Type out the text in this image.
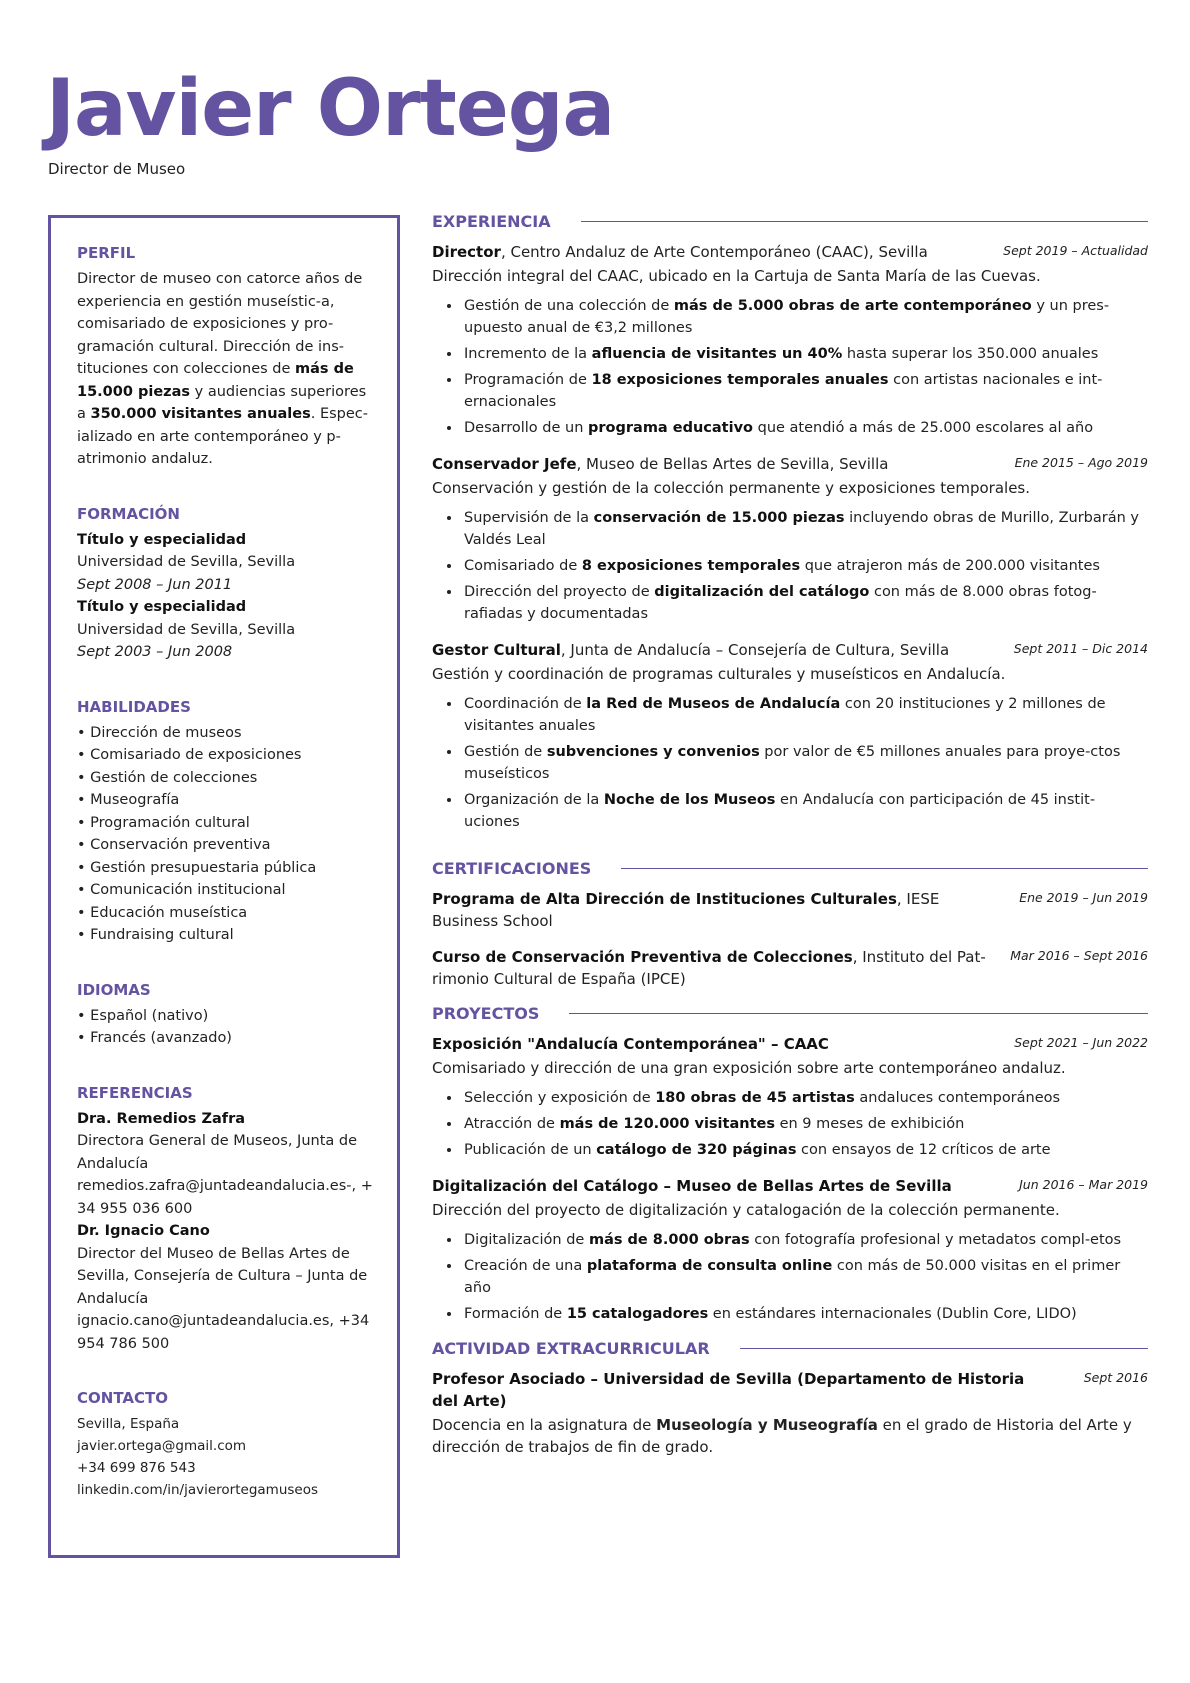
Javier Ortega
Director de Museo
PERFIL
Director de museo con catorce años de experiencia en gestión museístic-a, comisariado de exposiciones y pro-gramación cultural. Dirección de ins-tituciones con colecciones de más de 15.000 piezas y audiencias superiores a 350.000 visitantes anuales. Espec-ializado en arte contemporáneo y p-atrimonio andaluz.
FORMACIÓN
Título y especialidad
Universidad de Sevilla, Sevilla
Sept 2008 – Jun 2011
Título y especialidad
Universidad de Sevilla, Sevilla
Sept 2003 – Jun 2008
HABILIDADES
• Dirección de museos
• Comisariado de exposiciones
• Gestión de colecciones
• Museografía
• Programación cultural
• Conservación preventiva
• Gestión presupuestaria pública
• Comunicación institucional
• Educación museística
• Fundraising cultural
IDIOMAS
• Español (nativo)
• Francés (avanzado)
REFERENCIAS
Dra. Remedios Zafra
Directora General de Museos, Junta de Andalucía
remedios.zafra@juntadeandalucia.es-, +34 955 036 600
Dr. Ignacio Cano
Director del Museo de Bellas Artes de Sevilla, Consejería de Cultura – Junta de Andalucía
ignacio.cano@juntadeandalucia.es, +34 954 786 500
CONTACTO
Sevilla, España
javier.ortega@gmail.com
+34 699 876 543
linkedin.com/in/javierortegamuseos
EXPERIENCIA
Director, Centro Andaluz de Arte Contemporáneo (CAAC), Sevilla	Sept 2019 – Actualidad
Dirección integral del CAAC, ubicado en la Cartuja de Santa María de las Cuevas.
• Gestión de una colección de más de 5.000 obras de arte contemporáneo y un pres-upuesto anual de €3,2 millones
• Incremento de la afluencia de visitantes un 40% hasta superar los 350.000 anuales
• Programación de 18 exposiciones temporales anuales con artistas nacionales e int-ernacionales
• Desarrollo de un programa educativo que atendió a más de 25.000 escolares al año
Conservador Jefe, Museo de Bellas Artes de Sevilla, Sevilla	Ene 2015 – Ago 2019
Conservación y gestión de la colección permanente y exposiciones temporales.
• Supervisión de la conservación de 15.000 piezas incluyendo obras de Murillo, Zurbarán y Valdés Leal
• Comisariado de 8 exposiciones temporales que atrajeron más de 200.000 visitantes
• Dirección del proyecto de digitalización del catálogo con más de 8.000 obras fotog-rafiadas y documentadas
Gestor Cultural, Junta de Andalucía – Consejería de Cultura, Sevilla	Sept 2011 – Dic 2014
Gestión y coordinación de programas culturales y museísticos en Andalucía.
• Coordinación de la Red de Museos de Andalucía con 20 instituciones y 2 millones de visitantes anuales
• Gestión de subvenciones y convenios por valor de €5 millones anuales para proye-ctos museísticos
• Organización de la Noche de los Museos en Andalucía con participación de 45 instit-uciones
CERTIFICACIONES
Programa de Alta Dirección de Instituciones Culturales, IESE Business School
Ene 2019 – Jun 2019
Curso de Conservación Preventiva de Colecciones, Instituto del Pat-rimonio Cultural de España (IPCE)
Mar 2016 – Sept 2016
PROYECTOS
Exposición "Andalucía Contemporánea" – CAAC	Sept 2021 – Jun 2022
Comisariado y dirección de una gran exposición sobre arte contemporáneo andaluz.
• Selección y exposición de 180 obras de 45 artistas andaluces contemporáneos
• Atracción de más de 120.000 visitantes en 9 meses de exhibición
• Publicación de un catálogo de 320 páginas con ensayos de 12 críticos de arte
Digitalización del Catálogo – Museo de Bellas Artes de Sevilla	Jun 2016 – Mar 2019
Dirección del proyecto de digitalización y catalogación de la colección permanente.
• Digitalización de más de 8.000 obras con fotografía profesional y metadatos compl-etos
• Creación de una plataforma de consulta online con más de 50.000 visitas en el primer año
• Formación de 15 catalogadores en estándares internacionales (Dublin Core, LIDO)
ACTIVIDAD EXTRACURRICULAR
Profesor Asociado – Universidad de Sevilla (Departamento de Historia del Arte)
Sept 2016
Docencia en la asignatura de Museología y Museografía en el grado de Historia del Arte y dirección de trabajos de fin de grado.
